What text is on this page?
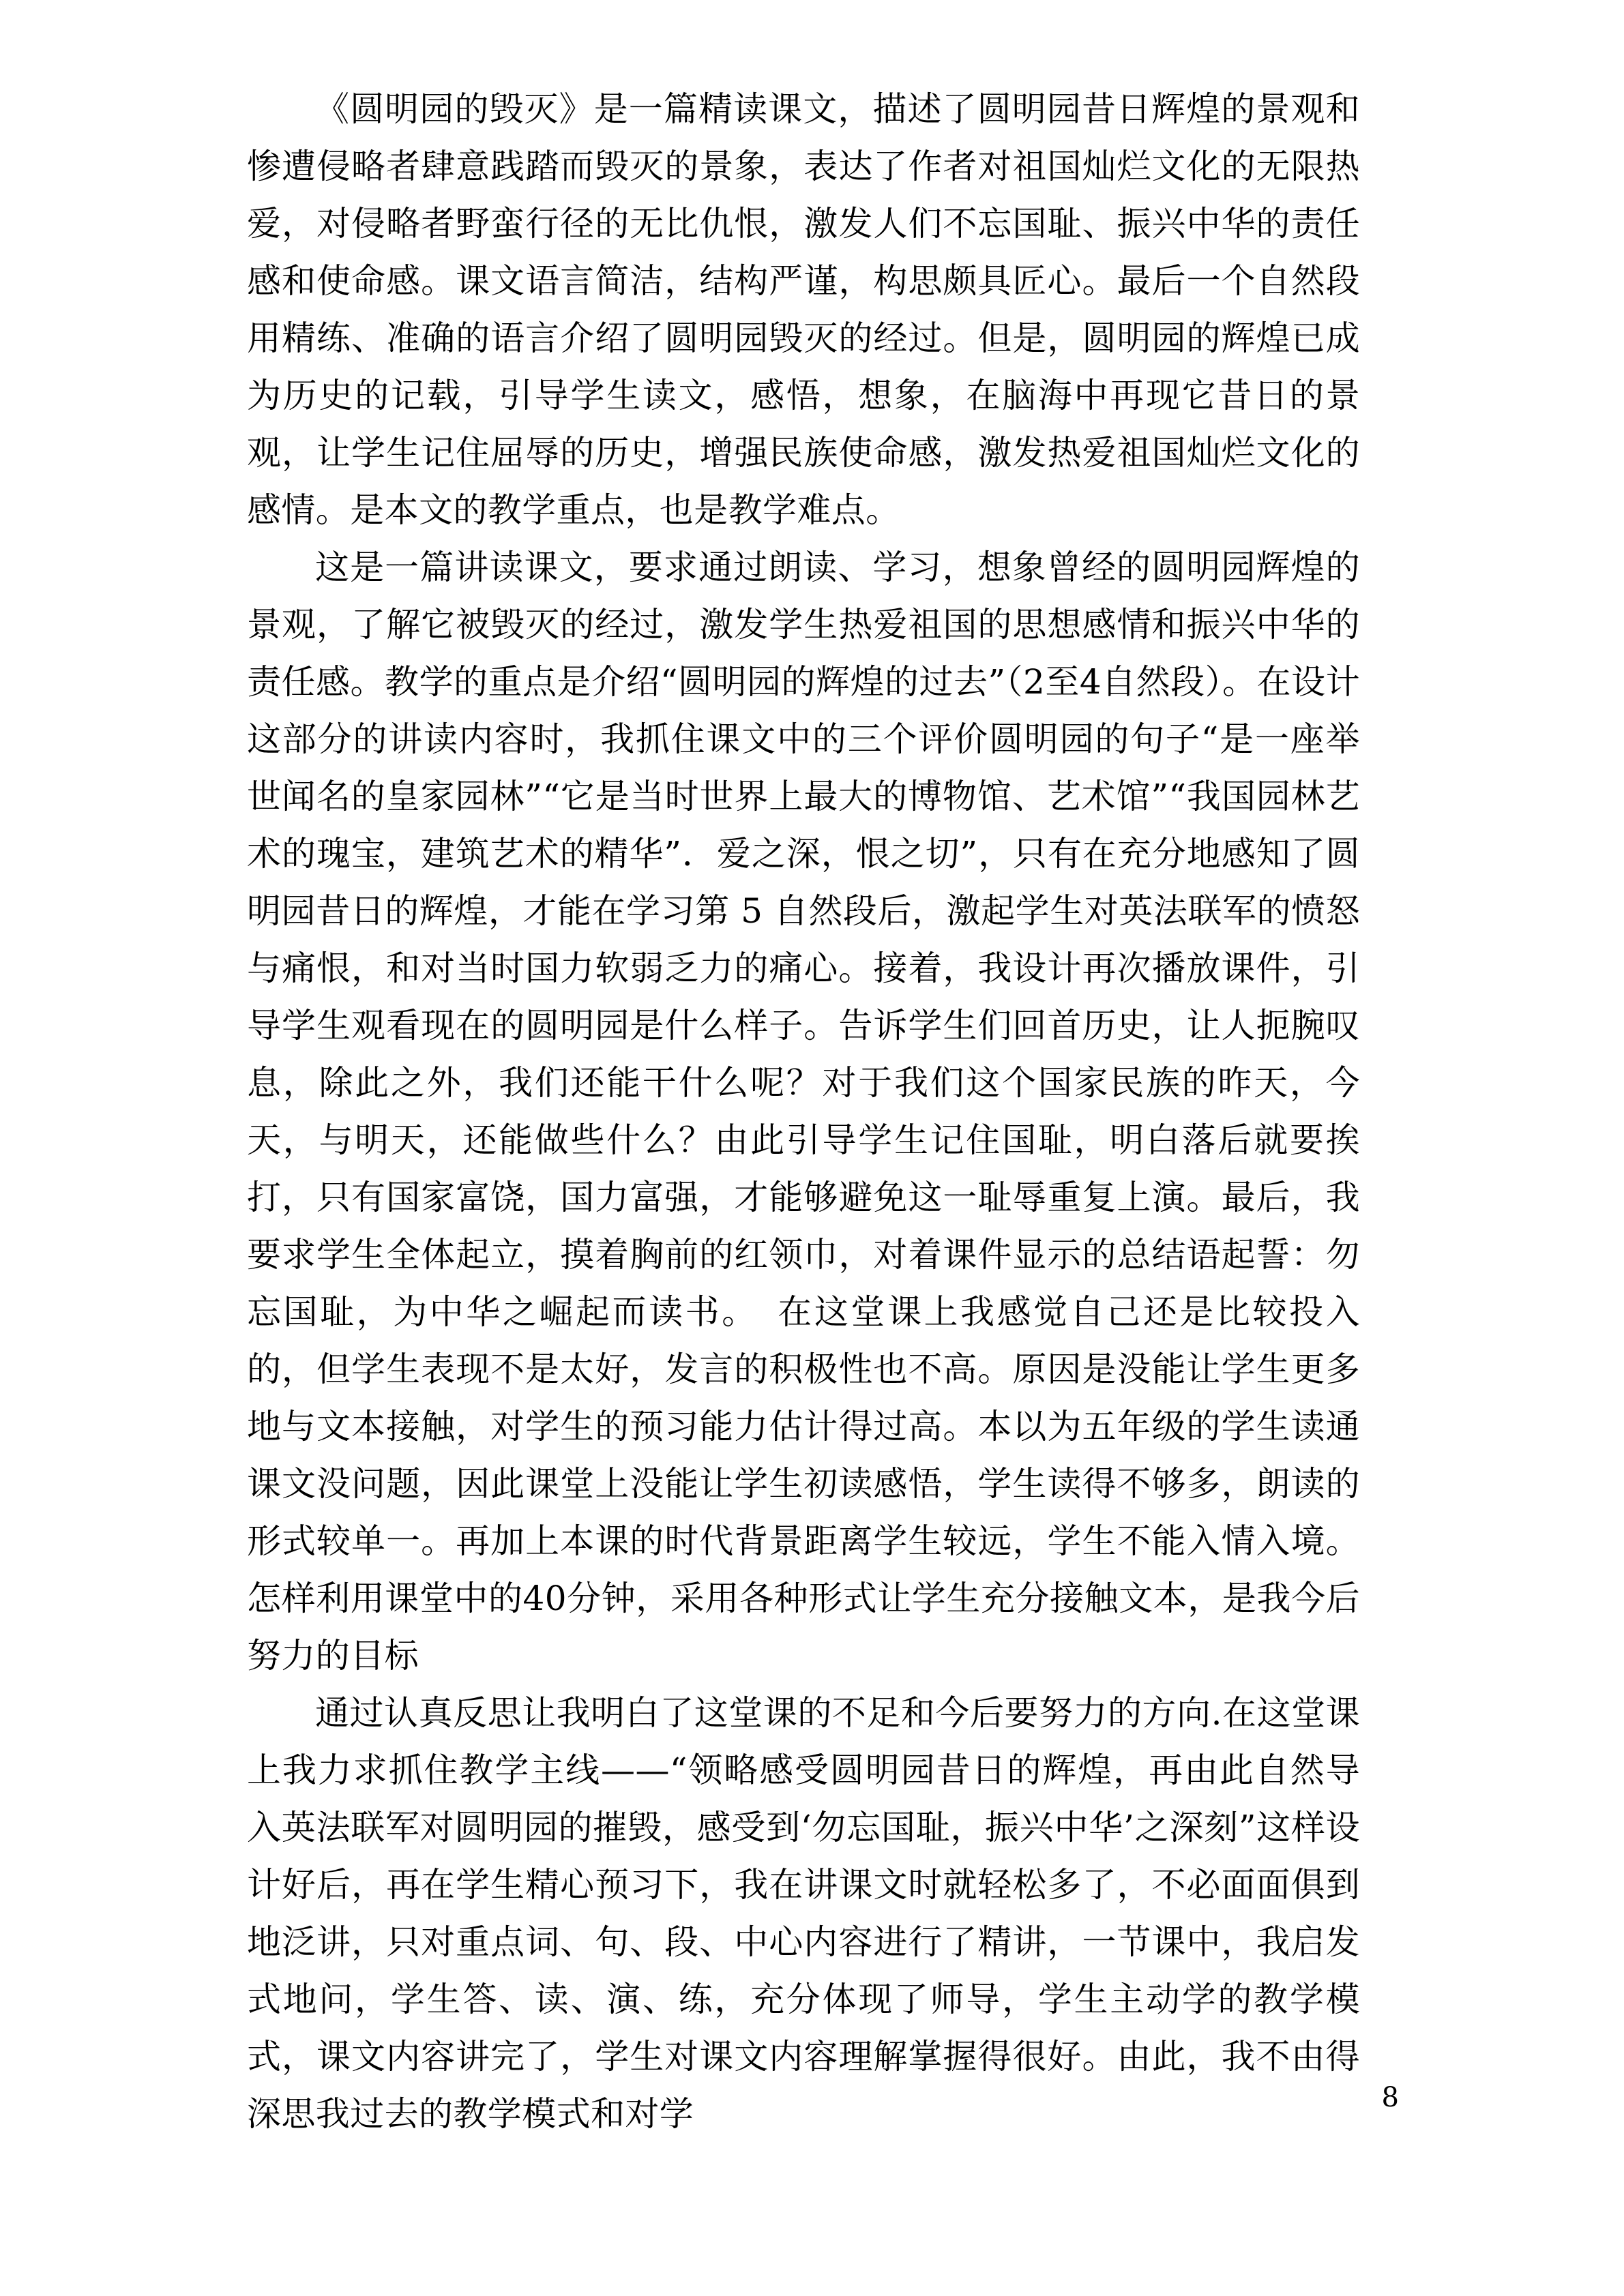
《圆明园的毁灭》是一篇精读课文，描述了圆明园昔日辉煌的景观和惨遭侵略者肆意践踏而毁灭的景象，表达了作者对祖国灿烂文化的无限热爱，对侵略者野蛮行径的无比仇恨，激发人们不忘国耻、振兴中华的责任感和使命感。课文语言简洁，结构严谨，构思颇具匠心。最后一个自然段用精练、准确的语言介绍了圆明园毁灭的经过。但是，圆明园的辉煌已成为历史的记载，引导学生读文，感悟，想象，在脑海中再现它昔日的景观，让学生记住屈辱的历史，增强民族使命感，激发热爱祖国灿烂文化的感情。是本文的教学重点，也是教学难点。

这是一篇讲读课文，要求通过朗读、学习，想象曾经的圆明园辉煌的景观，了解它被毁灭的经过，激发学生热爱祖国的思想感情和振兴中华的责任感。教学的重点是介绍“圆明园的辉煌的过去”（2至4自然段）。在设计这部分的讲读内容时，我抓住课文中的三个评价圆明园的句子“是一座举世闻名的皇家园林”“它是当时世界上最大的博物馆、艺术馆”“我国园林艺术的瑰宝，建筑艺术的精华”．爱之深，恨之切”，只有在充分地感知了圆明园昔日的辉煌，才能在学习第 5 自然段后，激起学生对英法联军的愤怒与痛恨，和对当时国力软弱乏力的痛心。接着，我设计再次播放课件，引导学生观看现在的圆明园是什么样子。告诉学生们回首历史，让人扼腕叹息，除此之外，我们还能干什么呢？对于我们这个国家民族的昨天，今天，与明天，还能做些什么？由此引导学生记住国耻，明白落后就要挨打，只有国家富饶，国力富强，才能够避免这一耻辱重复上演。最后，我要求学生全体起立，摸着胸前的红领巾，对着课件显示的总结语起誓：勿忘国耻，为中华之崛起而读书。　在这堂课上我感觉自己还是比较投入的，但学生表现不是太好，发言的积极性也不高。原因是没能让学生更多地与文本接触，对学生的预习能力估计得过高。本以为五年级的学生读通课文没问题，因此课堂上没能让学生初读感悟，学生读得不够多，朗读的形式较单一。再加上本课的时代背景距离学生较远，学生不能入情入境。怎样利用课堂中的40分钟，采用各种形式让学生充分接触文本，是我今后努力的目标

通过认真反思让我明白了这堂课的不足和今后要努力的方向.在这堂课上我力求抓住教学主线——“领略感受圆明园昔日的辉煌，再由此自然导入英法联军对圆明园的摧毁，感受到‘勿忘国耻，振兴中华’之深刻”这样设计好后，再在学生精心预习下，我在讲课文时就轻松多了，不必面面俱到地泛讲，只对重点词、句、段、中心内容进行了精讲，一节课中，我启发式地问，学生答、读、演、练，充分体现了师导，学生主动学的教学模式，课文内容讲完了，学生对课文内容理解掌握得很好。由此，我不由得深思我过去的教学模式和对学	8
